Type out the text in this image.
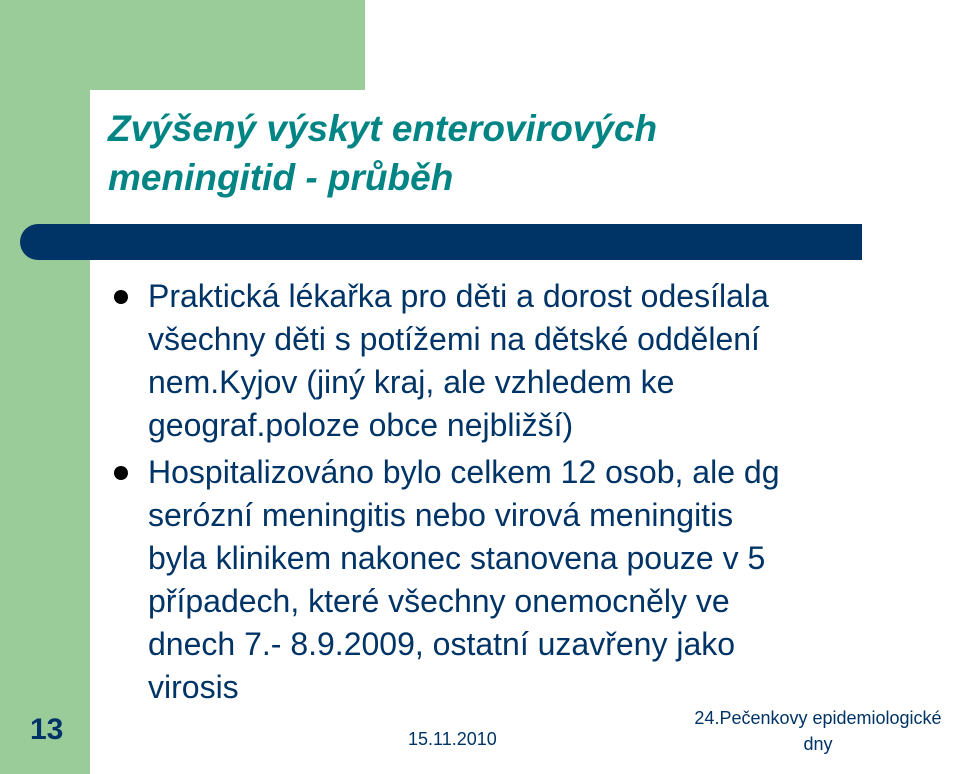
Zvýšený výskyt enterovirových
meningitid - průběh
Praktická lékařka pro děti a dorost odesílala
všechny děti s potížemi na dětské oddělení
nem.Kyjov (jiný kraj, ale vzhledem ke
geograf.poloze obce nejbližší)
Hospitalizováno bylo celkem 12 osob, ale dg
serózní meningitis nebo virová meningitis
byla klinikem nakonec stanovena pouze v 5
případech, které všechny onemocněly ve
dnech 7.- 8.9.2009, ostatní uzavřeny jako
virosis
13	15.11.2010
24.Pečenkovy epidemiologické
dny
